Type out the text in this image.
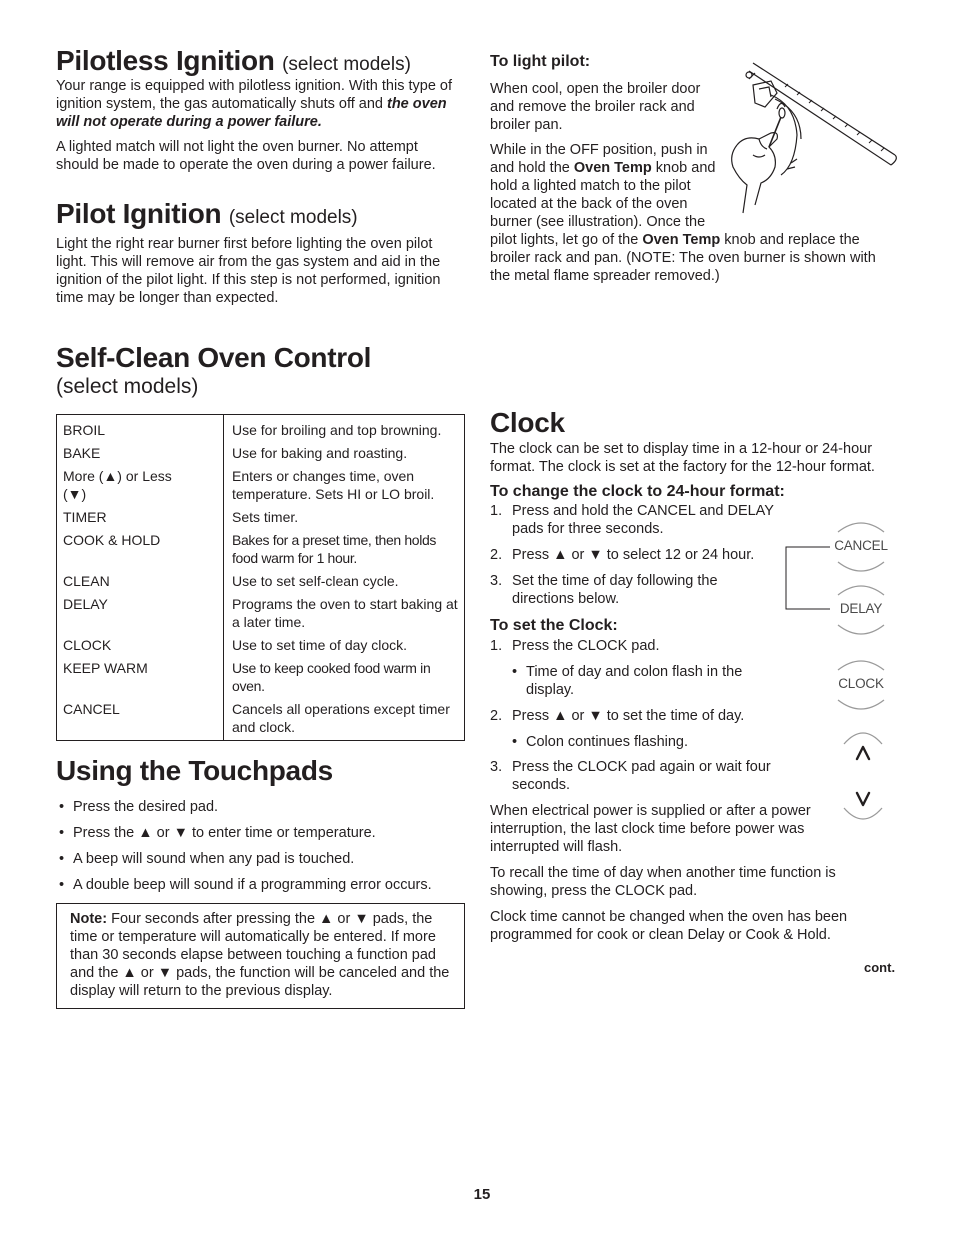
Pilotless Ignition (select models)

Your range is equipped with pilotless ignition. With this type of ignition system, the gas automatically shuts off and the oven will not operate during a power failure.

A lighted match will not light the oven burner. No attempt should be made to operate the oven during a power failure.

Pilot Ignition (select models)

Light the right rear burner first before lighting the oven pilot light. This will remove air from the gas system and aid in the ignition of the pilot light. If this step is not performed, ignition time may be longer than expected.

To light pilot:

When cool, open the broiler door and remove the broiler rack and broiler pan.

While in the OFF position, push in and hold the Oven Temp knob and hold a lighted match to the pilot located at the back of the oven burner (see illustration). Once the pilot lights, let go of the Oven Temp knob and replace the broiler rack and pan. (NOTE: The oven burner is shown with the metal flame spreader removed.)

Self-Clean Oven Control
(select models)
BROIL	Use for broiling and top browning.
BAKE	Use for baking and roasting.
More (▲) or Less (▼)	Enters or changes time, oven temperature. Sets HI or LO broil.
TIMER	Sets timer.
COOK & HOLD	Bakes for a preset time, then holds food warm for 1 hour.
CLEAN	Use to set self-clean cycle.
DELAY	Programs the oven to start baking at a later time.
CLOCK	Use to set time of day clock.
KEEP WARM	Use to keep cooked food warm in oven.
CANCEL	Cancels all operations except timer and clock.
Using the Touchpads
• Press the desired pad.
• Press the ▲ or ▼ to enter time or temperature.
• A beep will sound when any pad is touched.
• A double beep will sound if a programming error occurs.
Note: Four seconds after pressing the ▲ or ▼ pads, the time or temperature will automatically be entered. If more than 30 seconds elapse between touching a function pad and the ▲ or ▼ pads, the function will be canceled and the display will return to the previous display.
Clock

The clock can be set to display time in a 12-hour or 24-hour format. The clock is set at the factory for the 12-hour format.

To change the clock to 24-hour format:
1. Press and hold the CANCEL and DELAY pads for three seconds.
2. Press ▲ or ▼ to select 12 or 24 hour.
3. Set the time of day following the directions below.
To set the Clock:
1. Press the CLOCK pad.
• Time of day and colon flash in the display.
2. Press ▲ or ▼ to set the time of day.
• Colon continues flashing.
3. Press the CLOCK pad again or wait four seconds.

When electrical power is supplied or after a power interruption, the last clock time before power was interrupted will flash.

To recall the time of day when another time function is showing, press the CLOCK pad.

Clock time cannot be changed when the oven has been programmed for cook or clean Delay or Cook & Hold.

cont.
CANCEL
DELAY
CLOCK
15
